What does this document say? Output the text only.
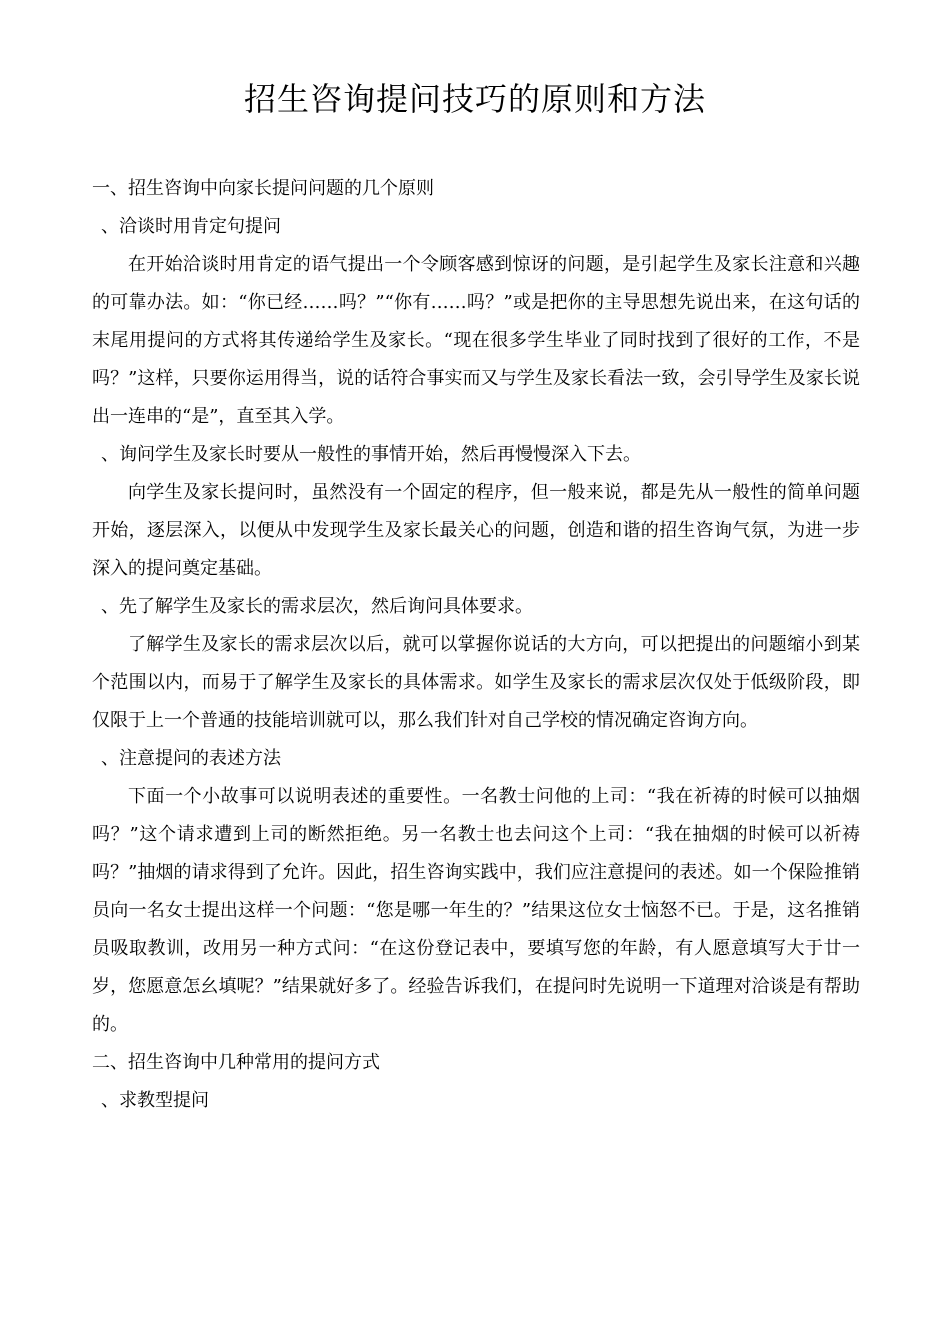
招生咨询提问技巧的原则和方法

一、招生咨询中向家长提问问题的几个原则

、洽谈时用肯定句提问

在开始洽谈时用肯定的语气提出一个令顾客感到惊讶的问题，是引起学生及家长注意和兴趣的可靠办法。如：“你已经……吗？”“你有……吗？”或是把你的主导思想先说出来，在这句话的末尾用提问的方式将其传递给学生及家长。“现在很多学生毕业了同时找到了很好的工作，不是吗？”这样，只要你运用得当，说的话符合事实而又与学生及家长看法一致，会引导学生及家长说出一连串的“是”，直至其入学。

、询问学生及家长时要从一般性的事情开始，然后再慢慢深入下去。

向学生及家长提问时，虽然没有一个固定的程序，但一般来说，都是先从一般性的简单问题开始，逐层深入，以便从中发现学生及家长最关心的问题，创造和谐的招生咨询气氛，为进一步深入的提问奠定基础。

、先了解学生及家长的需求层次，然后询问具体要求。

了解学生及家长的需求层次以后，就可以掌握你说话的大方向，可以把提出的问题缩小到某个范围以内，而易于了解学生及家长的具体需求。如学生及家长的需求层次仅处于低级阶段，即仅限于上一个普通的技能培训就可以，那么我们针对自己学校的情况确定咨询方向。

、注意提问的表述方法

下面一个小故事可以说明表述的重要性。一名教士问他的上司：“我在祈祷的时候可以抽烟吗？”这个请求遭到上司的断然拒绝。另一名教士也去问这个上司：“我在抽烟的时候可以祈祷吗？”抽烟的请求得到了允许。因此，招生咨询实践中，我们应注意提问的表述。如一个保险推销员向一名女士提出这样一个问题：“您是哪一年生的？”结果这位女士恼怒不已。于是，这名推销员吸取教训，改用另一种方式问：“在这份登记表中，要填写您的年龄，有人愿意填写大于廿一岁，您愿意怎幺填呢？”结果就好多了。经验告诉我们，在提问时先说明一下道理对洽谈是有帮助的。

二、招生咨询中几种常用的提问方式

、求教型提问
